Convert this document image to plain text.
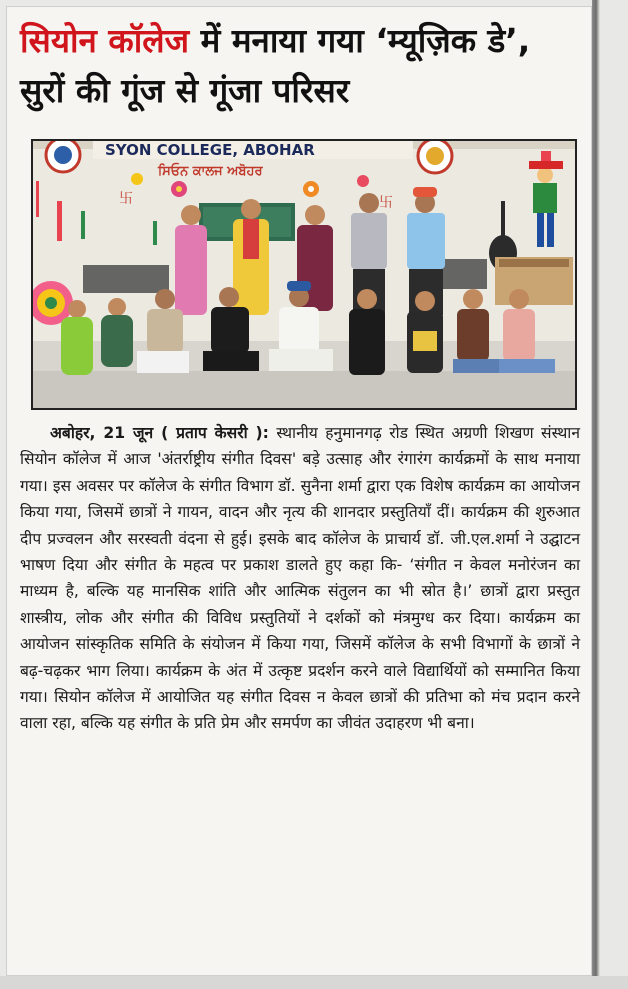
सियोन कॉलेज में मनाया गया ‘म्यूज़िक डे’, सुरों की गूंज से गूंजा परिसर
SYON COLLEGE, ABOHAR
ਸਿਓਨ ਕਾਲਜ ਅਬੋਹਰ
卐	卐
अबोहर, 21 जून ( प्रताप केसरी ): स्थानीय हनुमानगढ़ रोड स्थित अग्रणी शिखण संस्थान सियोन कॉलेज में आज 'अंतर्राष्ट्रीय संगीत दिवस' बड़े उत्साह और रंगारंग कार्यक्रमों के साथ मनाया गया। इस अवसर पर कॉलेज के संगीत विभाग डॉ. सुनैना शर्मा द्वारा एक विशेष कार्यक्रम का आयोजन किया गया, जिसमें छात्रों ने गायन, वादन और नृत्य की शानदार प्रस्तुतियाँ दीं। कार्यक्रम की शुरुआत दीप प्रज्वलन और सरस्वती वंदना से हुई। इसके बाद कॉलेज के प्राचार्य डॉ. जी.एल.शर्मा ने उद्घाटन भाषण दिया और संगीत के महत्व पर प्रकाश डालते हुए कहा कि- ‘संगीत न केवल मनोरंजन का माध्यम है, बल्कि यह मानसिक शांति और आत्मिक संतुलन का भी स्रोत है।’ छात्रों द्वारा प्रस्तुत शास्त्रीय, लोक और संगीत की विविध प्रस्तुतियों ने दर्शकों को मंत्रमुग्ध कर दिया। कार्यक्रम का आयोजन सांस्कृतिक समिति के संयोजन में किया गया, जिसमें कॉलेज के सभी विभागों के छात्रों ने बढ़-चढ़कर भाग लिया। कार्यक्रम के अंत में उत्कृष्ट प्रदर्शन करने वाले विद्यार्थियों को सम्मानित किया गया। सियोन कॉलेज में आयोजित यह संगीत दिवस न केवल छात्रों की प्रतिभा को मंच प्रदान करने वाला रहा, बल्कि यह संगीत के प्रति प्रेम और समर्पण का जीवंत उदाहरण भी बना।
